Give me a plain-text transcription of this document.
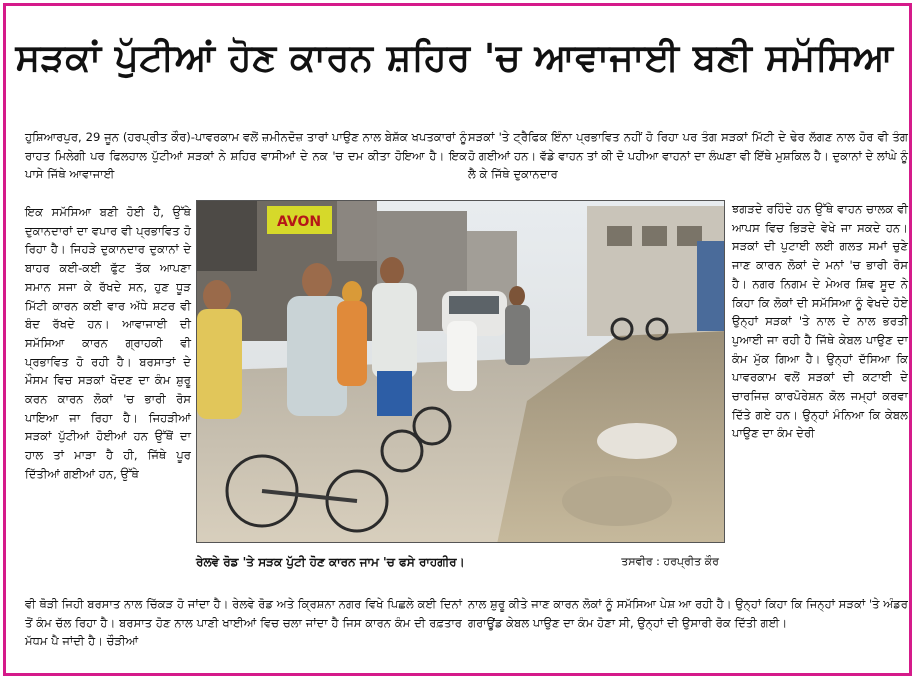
ਸੜਕਾਂ ਪੁੱਟੀਆਂ ਹੋਣ ਕਾਰਨ ਸ਼ਹਿਰ 'ਚ ਆਵਾਜਾਈ ਬਣੀ ਸਮੱਸਿਆ

ਹੁਸ਼ਿਆਰਪੁਰ, 29 ਜੂਨ (ਹਰਪ੍ਰੀਤ ਕੌਰ)-ਪਾਵਰਕਾਮ ਵਲੋਂ ਜ਼ਮੀਨਦੋਜ਼ ਤਾਰਾਂ ਪਾਉਣ ਨਾਲ ਬੇਸ਼ੱਕ ਖਪਤਕਾਰਾਂ ਨੂੰ ਰਾਹਤ ਮਿਲੇਗੀ ਪਰ ਫਿਲਹਾਲ ਪੁੱਟੀਆਂ ਸੜਕਾਂ ਨੇ ਸ਼ਹਿਰ ਵਾਸੀਆਂ ਦੇ ਨਕ 'ਚ ਦਮ ਕੀਤਾ ਹੋਇਆ ਹੈ। ਇਕ ਪਾਸੇ ਜਿੱਥੇ ਆਵਾਜਾਈ

ਇਕ ਸਮੱਸਿਆ ਬਣੀ ਹੋਈ ਹੈ, ਉੱਥੇ ਦੁਕਾਨਦਾਰਾਂ ਦਾ ਵਪਾਰ ਵੀ ਪ੍ਰਭਾਵਿਤ ਹੋ ਰਿਹਾ ਹੈ। ਜਿਹੜੇ ਦੁਕਾਨਦਾਰ ਦੁਕਾਨਾਂ ਦੇ ਬਾਹਰ ਕਈ-ਕਈ ਫੁੱਟ ਤੱਕ ਆਪਣਾ ਸਮਾਨ ਸਜਾ ਕੇ ਰੱਖਦੇ ਸਨ, ਹੁਣ ਧੂੜ ਮਿੱਟੀ ਕਾਰਨ ਕਈ ਵਾਰ ਅੱਧੇ ਸ਼ਟਰ ਵੀ ਬੰਦ ਰੱਖਦੇ ਹਨ। ਆਵਾਜਾਈ ਦੀ ਸਮੱਸਿਆ ਕਾਰਨ ਗ੍ਰਾਹਕੀ ਵੀ ਪ੍ਰਭਾਵਿਤ ਹੋ ਰਹੀ ਹੈ। ਬਰਸਾਤਾਂ ਦੇ ਮੌਸਮ ਵਿਚ ਸੜਕਾਂ ਖੋਦਣ ਦਾ ਕੰਮ ਸ਼ੁਰੂ ਕਰਨ ਕਾਰਨ ਲੋਕਾਂ 'ਚ ਭਾਰੀ ਰੋਸ ਪਾਇਆ ਜਾ ਰਿਹਾ ਹੈ। ਜਿਹੜੀਆਂ ਸੜਕਾਂ ਪੁੱਟੀਆਂ ਹੋਈਆਂ ਹਨ ਉੱਥੋਂ ਦਾ ਹਾਲ ਤਾਂ ਮਾੜਾ ਹੈ ਹੀ, ਜਿੱਥੇ ਪੂਰ ਦਿੱਤੀਆਂ ਗਈਆਂ ਹਨ, ਉੱਥੇ

ਸੜਕਾਂ 'ਤੇ ਟ੍ਰੈਫਿਕ ਇੰਨਾ ਪ੍ਰਭਾਵਿਤ ਨਹੀਂ ਹੋ ਰਿਹਾ ਪਰ ਤੰਗ ਸੜਕਾਂ ਮਿੱਟੀ ਦੇ ਢੇਰ ਲੱਗਣ ਨਾਲ ਹੋਰ ਵੀ ਤੰਗ ਹੋ ਗਈਆਂ ਹਨ। ਵੱਡੇ ਵਾਹਨ ਤਾਂ ਕੀ ਦੋ ਪਹੀਆ ਵਾਹਨਾਂ ਦਾ ਲੰਘਣਾ ਵੀ ਇੱਥੇ ਮੁਸ਼ਕਿਲ ਹੈ। ਦੁਕਾਨਾਂ ਦੇ ਲਾਂਘੇ ਨੂੰ ਲੈ ਕੇ ਜਿੱਥੇ ਦੁਕਾਨਦਾਰ

ਝਗੜਦੇ ਰਹਿੰਦੇ ਹਨ ਉੱਥੇ ਵਾਹਨ ਚਾਲਕ ਵੀ ਆਪਸ ਵਿਚ ਭਿੜਦੇ ਵੇਖੇ ਜਾ ਸਕਦੇ ਹਨ। ਸੜਕਾਂ ਦੀ ਪੁਟਾਈ ਲਈ ਗਲਤ ਸਮਾਂ ਚੁਣੇ ਜਾਣ ਕਾਰਨ ਲੋਕਾਂ ਦੇ ਮਨਾਂ 'ਚ ਭਾਰੀ ਰੋਸ ਹੈ। ਨਗਰ ਨਿਗਮ ਦੇ ਮੇਅਰ ਸ਼ਿਵ ਸੂਦ ਨੇ ਕਿਹਾ ਕਿ ਲੋਕਾਂ ਦੀ ਸਮੱਸਿਆ ਨੂੰ ਵੇਖਦੇ ਹੋਏ ਉਨ੍ਹਾਂ ਸੜਕਾਂ 'ਤੇ ਨਾਲ ਦੇ ਨਾਲ ਭਰਤੀ ਪੁਆਈ ਜਾ ਰਹੀ ਹੈ ਜਿੱਥੇ ਕੇਬਲ ਪਾਉਣ ਦਾ ਕੰਮ ਮੁੱਕ ਗਿਆ ਹੈ। ਉਨ੍ਹਾਂ ਦੱਸਿਆ ਕਿ ਪਾਵਰਕਾਮ ਵਲੋਂ ਸੜਕਾਂ ਦੀ ਕਟਾਈ ਦੇ ਚਾਰਜਿਜ਼ ਕਾਰਪੋਰੇਸ਼ਨ ਕੋਲ ਜਮ੍ਹਾਂ ਕਰਵਾ ਦਿੱਤੇ ਗਏ ਹਨ। ਉਨ੍ਹਾਂ ਮੰਨਿਆ ਕਿ ਕੇਬਲ ਪਾਉਣ ਦਾ ਕੰਮ ਦੇਰੀ

ਵੀ ਥੋੜੀ ਜਿਹੀ ਬਰਸਾਤ ਨਾਲ ਚਿੱਕੜ ਹੋ ਜਾਂਦਾ ਹੈ। ਰੇਲਵੇ ਰੋਡ ਅਤੇ ਕ੍ਰਿਸ਼ਨਾ ਨਗਰ ਵਿਖੇ ਪਿਛਲੇ ਕਈ ਦਿਨਾਂ ਤੋਂ ਕੰਮ ਚੱਲ ਰਿਹਾ ਹੈ। ਬਰਸਾਤ ਹੋਣ ਨਾਲ ਪਾਣੀ ਖਾਈਆਂ ਵਿਚ ਚਲਾ ਜਾਂਦਾ ਹੈ ਜਿਸ ਕਾਰਨ ਕੰਮ ਦੀ ਰਫ਼ਤਾਰ ਮੱਧਮ ਪੈ ਜਾਂਦੀ ਹੈ। ਚੌੜੀਆਂ

ਨਾਲ ਸ਼ੁਰੂ ਕੀਤੇ ਜਾਣ ਕਾਰਨ ਲੋਕਾਂ ਨੂੰ ਸਮੱਸਿਆ ਪੇਸ਼ ਆ ਰਹੀ ਹੈ। ਉਨ੍ਹਾਂ ਕਿਹਾ ਕਿ ਜਿਨ੍ਹਾਂ ਸੜਕਾਂ 'ਤੇ ਅੰਡਰ ਗਰਾਊਂਡ ਕੇਬਲ ਪਾਉਣ ਦਾ ਕੰਮ ਹੋਣਾ ਸੀ, ਉਨ੍ਹਾਂ ਦੀ ਉਸਾਰੀ ਰੋਕ ਦਿੱਤੀ ਗਈ।

AVON
ਰੇਲਵੇ ਰੋਡ 'ਤੇ ਸੜਕ ਪੁੱਟੀ ਹੋਣ ਕਾਰਨ ਜਾਮ 'ਚ ਫਸੇ ਰਾਹਗੀਰ।	ਤਸਵੀਰ : ਹਰਪ੍ਰੀਤ ਕੌਰ
